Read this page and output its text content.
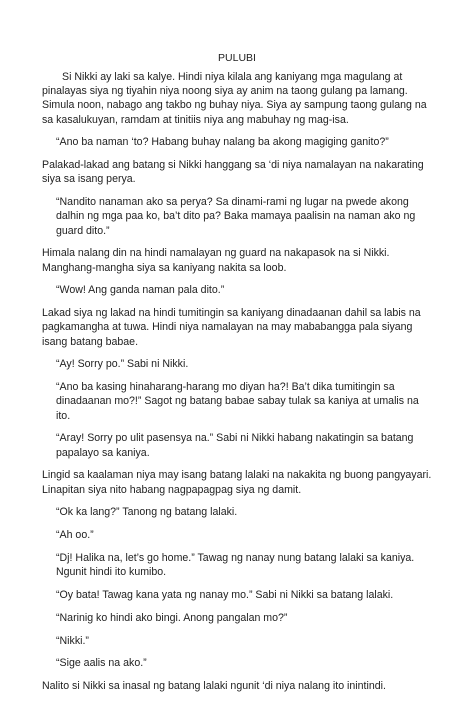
PULUBI

Si Nikki ay laki sa kalye. Hindi niya kilala ang kaniyang mga magulang at pinalayas siya ng tiyahin niya noong siya ay anim na taong gulang pa lamang. Simula noon, nabago ang takbo ng buhay niya. Siya ay sampung taong gulang na sa kasalukuyan, ramdam at tinitiis niya ang mabuhay ng mag-isa.

“Ano ba naman ‘to? Habang buhay nalang ba akong magiging ganito?”

Palakad-lakad ang batang si Nikki hanggang sa ‘di niya namalayan na nakarating siya sa isang perya.

“Nandito nanaman ako sa perya? Sa dinami-rami ng lugar na pwede akong dalhin ng mga paa ko, ba’t dito pa? Baka mamaya paalisin na naman ako ng guard dito.”

Himala nalang din na hindi namalayan ng guard na nakapasok na si Nikki. Manghang-mangha siya sa kaniyang nakita sa loob.

“Wow! Ang ganda naman pala dito.”

Lakad siya ng lakad na hindi tumitingin sa kaniyang dinadaanan dahil sa labis na pagkamangha at tuwa. Hindi niya namalayan na may mababangga pala siyang isang batang babae.

“Ay! Sorry po.” Sabi ni Nikki.

“Ano ba kasing hinaharang-harang mo diyan ha?! Ba’t dika tumitingin sa dinadaanan mo?!” Sagot ng batang babae sabay tulak sa kaniya at umalis na ito.

“Aray! Sorry po ulit pasensya na.” Sabi ni Nikki habang nakatingin sa batang papalayo sa kaniya.

Lingid sa kaalaman niya may isang batang lalaki na nakakita ng buong pangyayari. Linapitan siya nito habang nagpapagpag siya ng damit.

“Ok ka lang?” Tanong ng batang lalaki.

“Ah oo.”

“Dj! Halika na, let’s go home.” Tawag ng nanay nung batang lalaki sa kaniya. Ngunit hindi ito kumibo.

“Oy bata! Tawag kana yata ng nanay mo.” Sabi ni Nikki sa batang lalaki.

“Narinig ko hindi ako bingi. Anong pangalan mo?”

“Nikki.”

“Sige aalis na ako.”

Nalito si Nikki sa inasal ng batang lalaki ngunit ‘di niya nalang ito inintindi.
